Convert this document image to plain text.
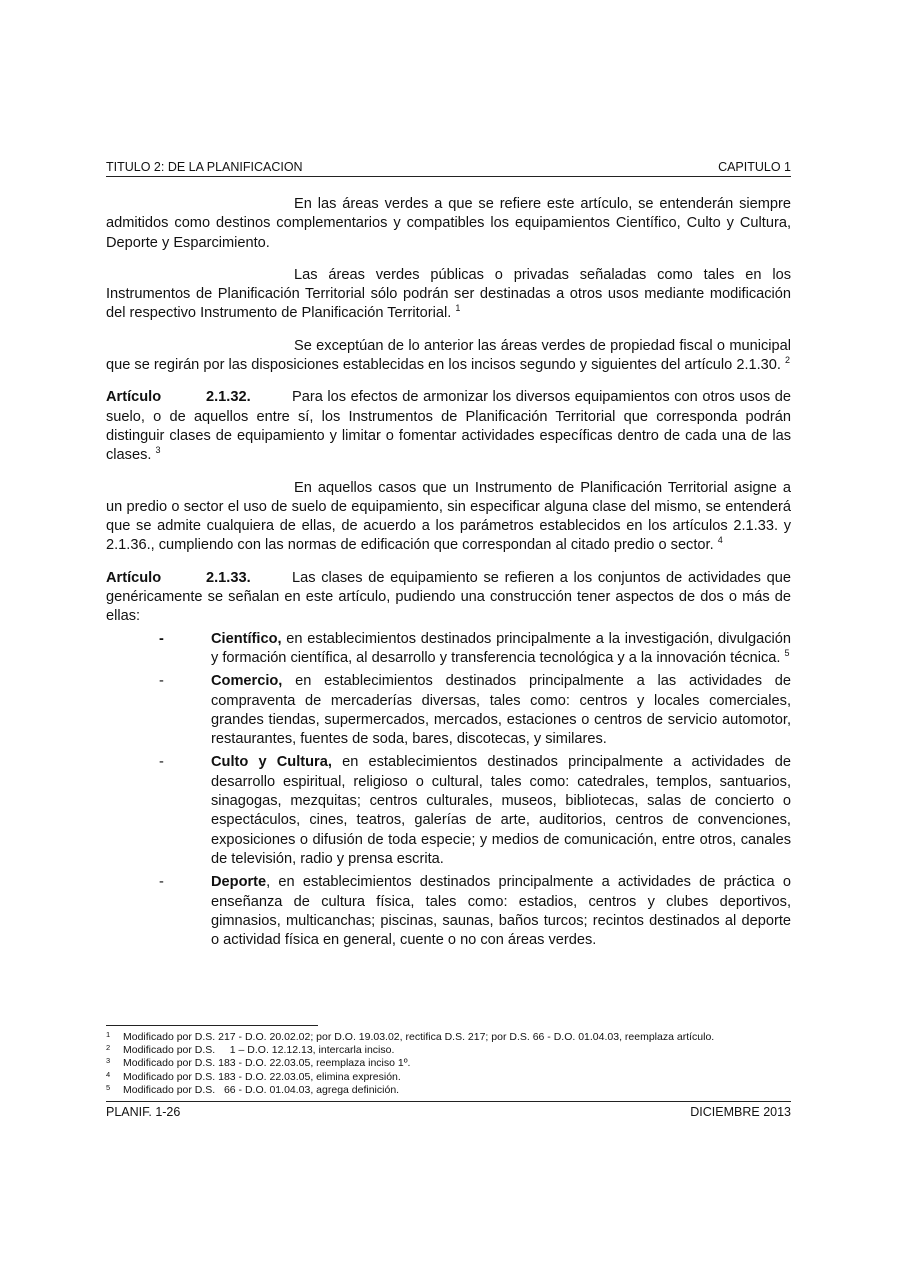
TITULO 2: DE LA PLANIFICACION	CAPITULO 1

En las áreas verdes a que se refiere este artículo, se entenderán siempre admitidos como destinos complementarios y compatibles los equipamientos Científico, Culto y Cultura, Deporte y Esparcimiento.

Las áreas verdes públicas o privadas señaladas como tales en los Instrumentos de Planificación Territorial sólo podrán ser destinadas a otros usos mediante modificación del respectivo Instrumento de Planificación Territorial. $^1$

Se exceptúan de lo anterior las áreas verdes de propiedad fiscal o municipal que se regirán por las disposiciones establecidas en los incisos segundo y siguientes del artículo 2.1.30. $^2$

Artículo	2.1.32.	Para los efectos de armonizar los diversos equipamientos con otros usos de suelo, o de aquellos entre sí, los Instrumentos de Planificación Territorial que corresponda podrán distinguir clases de equipamiento y limitar o fomentar actividades específicas dentro de cada una de las clases. $^3$

En aquellos casos que un Instrumento de Planificación Territorial asigne a un predio o sector el uso de suelo de equipamiento, sin especificar alguna clase del mismo, se entenderá que se admite cualquiera de ellas, de acuerdo a los parámetros establecidos en los artículos 2.1.33. y 2.1.36., cumpliendo con las normas de edificación que correspondan al citado predio o sector. $^4$

Artículo	2.1.33.	Las clases de equipamiento se refieren a los conjuntos de actividades que genéricamente se señalan en este artículo, pudiendo una construcción tener aspectos de dos o más de ellas:

-	Científico, en establecimientos destinados principalmente a la investigación, divulgación y formación científica, al desarrollo y transferencia tecnológica y a la innovación técnica. $^5$
-	Comercio, en establecimientos destinados principalmente a las actividades de compraventa de mercaderías diversas, tales como: centros y locales comerciales, grandes tiendas, supermercados, mercados, estaciones o centros de servicio automotor, restaurantes, fuentes de soda, bares, discotecas, y similares.
-	Culto y Cultura, en establecimientos destinados principalmente a actividades de desarrollo espiritual, religioso o cultural, tales como: catedrales, templos, santuarios, sinagogas, mezquitas; centros culturales, museos, bibliotecas, salas de concierto o espectáculos, cines, teatros, galerías de arte, auditorios, centros de convenciones, exposiciones o difusión de toda especie; y medios de comunicación, entre otros, canales de televisión, radio y prensa escrita.
-	Deporte, en establecimientos destinados principalmente a actividades de práctica o enseñanza de cultura física, tales como: estadios, centros y clubes deportivos, gimnasios, multicanchas; piscinas, saunas, baños turcos; recintos destinados al deporte o actividad física en general, cuente o no con áreas verdes.
1 Modificado por D.S. 217 - D.O. 20.02.02; por D.O. 19.03.02, rectifica D.S. 217; por D.S. 66 - D.O. 01.04.03, reemplaza artículo.
2 Modificado por D.S.     1 – D.O. 12.12.13, intercarla inciso.
3 Modificado por D.S. 183 - D.O. 22.03.05, reemplaza inciso 1º.
4 Modificado por D.S. 183 - D.O. 22.03.05, elimina expresión.
5 Modificado por D.S.   66 - D.O. 01.04.03, agrega definición.
PLANIF. 1-26	DICIEMBRE 2013
